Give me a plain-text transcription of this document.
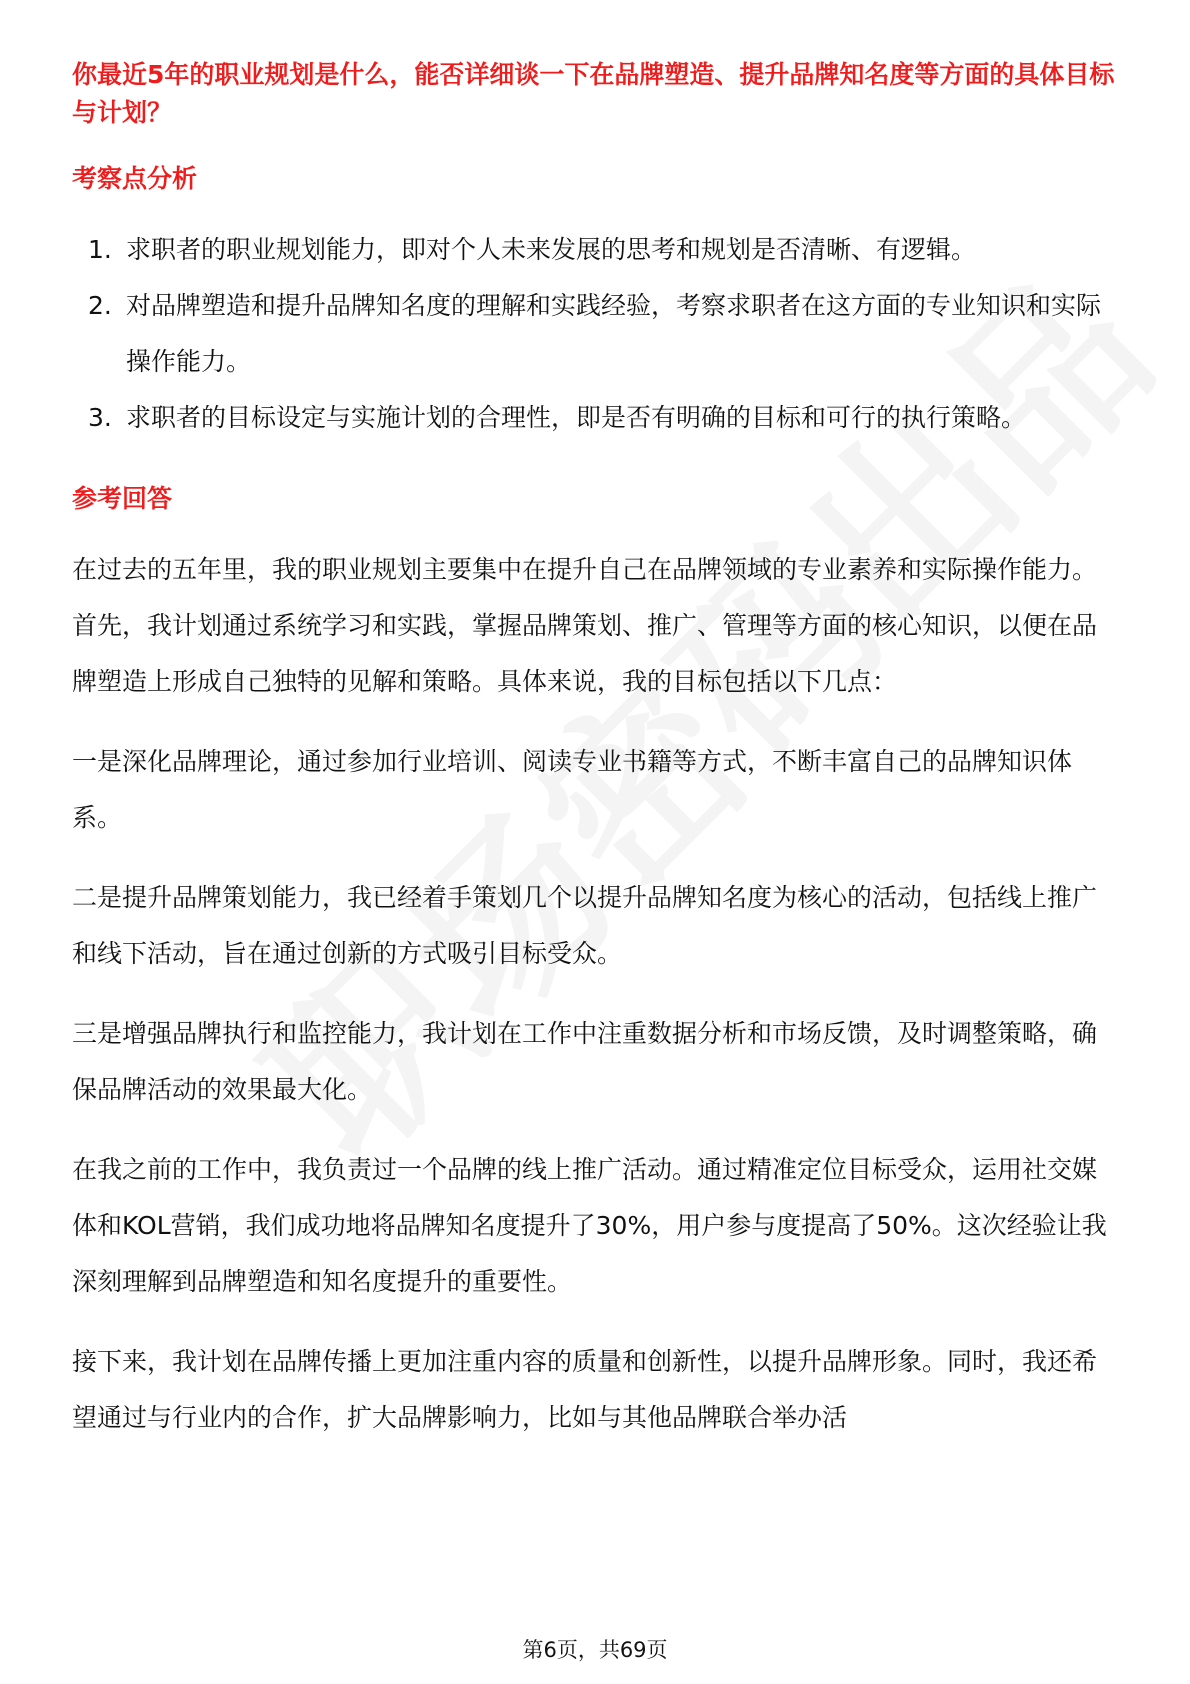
你最近5年的职业规划是什么，能否详细谈一下在品牌塑造、提升品牌知名度等方面的具体目标与计划？
考察点分析
1. 求职者的职业规划能力，即对个人未来发展的思考和规划是否清晰、有逻辑。
2. 对品牌塑造和提升品牌知名度的理解和实践经验，考察求职者在这方面的专业知识和实际操作能力。
3. 求职者的目标设定与实施计划的合理性，即是否有明确的目标和可行的执行策略。
参考回答

在过去的五年里，我的职业规划主要集中在提升自己在品牌领域的专业素养和实际操作能力。首先，我计划通过系统学习和实践，掌握品牌策划、推广、管理等方面的核心知识，以便在品牌塑造上形成自己独特的见解和策略。具体来说，我的目标包括以下几点：

一是深化品牌理论，通过参加行业培训、阅读专业书籍等方式，不断丰富自己的品牌知识体系。

二是提升品牌策划能力，我已经着手策划几个以提升品牌知名度为核心的活动，包括线上推广和线下活动，旨在通过创新的方式吸引目标受众。

三是增强品牌执行和监控能力，我计划在工作中注重数据分析和市场反馈，及时调整策略，确保品牌活动的效果最大化。

在我之前的工作中，我负责过一个品牌的线上推广活动。通过精准定位目标受众，运用社交媒体和KOL营销，我们成功地将品牌知名度提升了30%，用户参与度提高了50%。这次经验让我深刻理解到品牌塑造和知名度提升的重要性。

接下来，我计划在品牌传播上更加注重内容的质量和创新性，以提升品牌形象。同时，我还希望通过与行业内的合作，扩大品牌影响力，比如与其他品牌联合举办活

第6页，共69页
